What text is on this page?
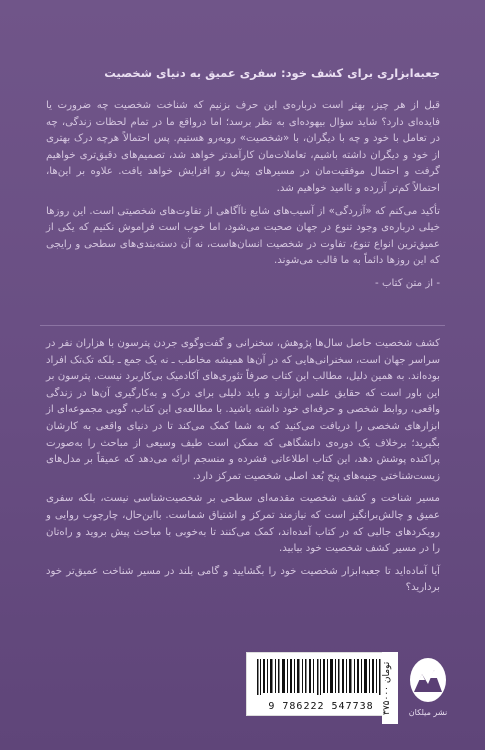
جعبه‌ابزاری برای کشف خود: سفری عمیق به دنیای شخصیت

قبل از هر چیز، بهتر است درباره‌ی این حرف بزنیم که شناخت شخصیت چه ضرورت یا فایده‌ای دارد؟ شاید سؤال بیهوده‌ای به نظر برسد؛ اما درواقع ما در تمام لحظات زندگی، چه در تعامل با خود و چه با دیگران، با «شخصیت» روبه‌رو هستیم. پس احتمالاً هرچه درک بهتری از خود و دیگران داشته باشیم، تعاملات‌مان کارآمدتر خواهد شد، تصمیم‌های دقیق‌تری خواهیم گرفت و احتمال موفقیت‌مان در مسیرهای پیش رو افزایش خواهد یافت. علاوه بر این‌ها، احتمالاً کم‌تر آزرده و ناامید خواهیم شد.

تأکید می‌کنم که «آزردگی» از آسیب‌های شایع ناآگاهی از تفاوت‌های شخصیتی است. این روزها خیلی درباره‌ی وجود تنوع در جهان صحبت می‌شود، اما خوب است فراموش نکنیم که یکی از عمیق‌ترین انواع تنوع، تفاوت در شخصیت انسان‌هاست، نه آن دسته‌بندی‌های سطحی و رایجی که این روزها دائماً به ما قالب می‌شوند.

- از متن کتاب -

کشف شخصیت حاصل سال‌ها پژوهش، سخنرانی و گفت‌وگوی جردن پترسون با هزاران نفر در سراسر جهان است، سخنرانی‌هایی که در آن‌ها همیشه مخاطب ـ نه یک جمع ـ بلکه تک‌تک افراد بوده‌اند. به همین دلیل، مطالب این کتاب صرفاً تئوری‌های آکادمیک بی‌کاربرد نیست. پترسون بر این باور است که حقایق علمی ابزارند و باید دلیلی برای درک و به‌کارگیری آن‌ها در زندگی واقعی، روابط شخصی و حرفه‌ای خود داشته باشید. با مطالعه‌ی این کتاب، گویی مجموعه‌ای از ابزارهای شخصی را دریافت می‌کنید که به شما کمک می‌کند تا در دنیای واقعی به کارشان بگیرید؛ برخلاف یک دوره‌ی دانشگاهی که ممکن است طیف وسیعی از مباحث را به‌صورت پراکنده پوشش دهد، این کتاب اطلاعاتی فشرده و منسجم ارائه می‌دهد که عمیقاً بر مدل‌های زیست‌شناختی جنبه‌های پنج بُعد اصلی شخصیت تمرکز دارد.

مسیر شناخت و کشف شخصیت مقدمه‌ای سطحی بر شخصیت‌شناسی نیست، بلکه سفری عمیق و چالش‌برانگیز است که نیازمند تمرکز و اشتیاق شماست. بااین‌حال، چارچوب روایی و رویکرد‌های جالبی که در کتاب آمده‌اند، کمک می‌کنند تا به‌خوبی با مباحث پیش بروید و راه‌تان را در مسیر کشف شخصیت خود بیابید.

آیا آماده‌اید تا جعبه‌ابزار شخصیت خود را بگشایید و گامی بلند در مسیر شناخت عمیق‌تر خود بردارید؟

9 786222 547738 ۳۷۵۰۰۰ تومان
نشر میلکان
